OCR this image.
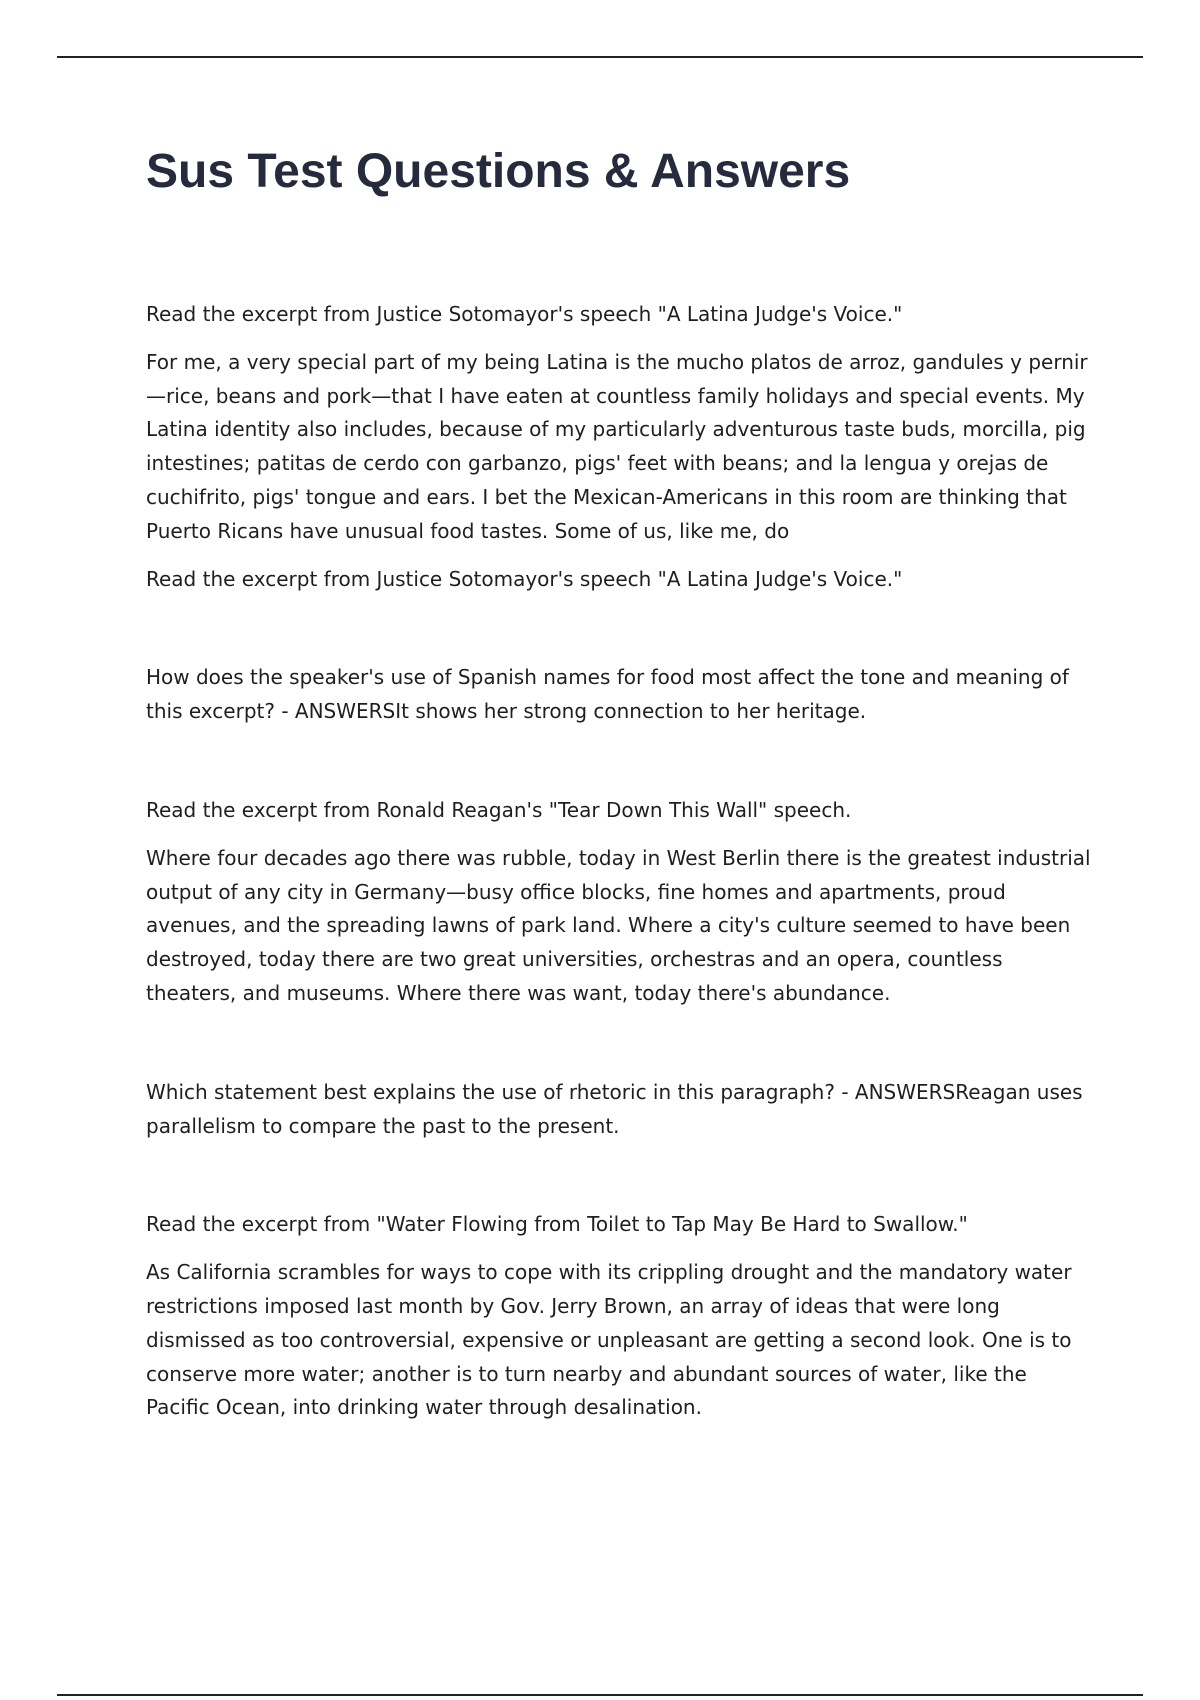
Sus Test Questions & Answers

Read the excerpt from Justice Sotomayor's speech "A Latina Judge's Voice."

For me, a very special part of my being Latina is the mucho platos de arroz, gandules y pernir—rice, beans and pork—that I have eaten at countless family holidays and special events. My Latina identity also includes, because of my particularly adventurous taste buds, morcilla, pig intestines; patitas de cerdo con garbanzo, pigs' feet with beans; and la lengua y orejas de cuchifrito, pigs' tongue and ears. I bet the Mexican-Americans in this room are thinking that Puerto Ricans have unusual food tastes. Some of us, like me, do

Read the excerpt from Justice Sotomayor's speech "A Latina Judge's Voice."

How does the speaker's use of Spanish names for food most affect the tone and meaning of this excerpt? - ANSWERSIt shows her strong connection to her heritage.

Read the excerpt from Ronald Reagan's "Tear Down This Wall" speech.

Where four decades ago there was rubble, today in West Berlin there is the greatest industrial output of any city in Germany—busy office blocks, fine homes and apartments, proud avenues, and the spreading lawns of park land. Where a city's culture seemed to have been destroyed, today there are two great universities, orchestras and an opera, countless theaters, and museums. Where there was want, today there's abundance.

Which statement best explains the use of rhetoric in this paragraph? - ANSWERSReagan uses parallelism to compare the past to the present.

Read the excerpt from "Water Flowing from Toilet to Tap May Be Hard to Swallow."

As California scrambles for ways to cope with its crippling drought and the mandatory water restrictions imposed last month by Gov. Jerry Brown, an array of ideas that were long dismissed as too controversial, expensive or unpleasant are getting a second look. One is to conserve more water; another is to turn nearby and abundant sources of water, like the Pacific Ocean, into drinking water through desalination.
